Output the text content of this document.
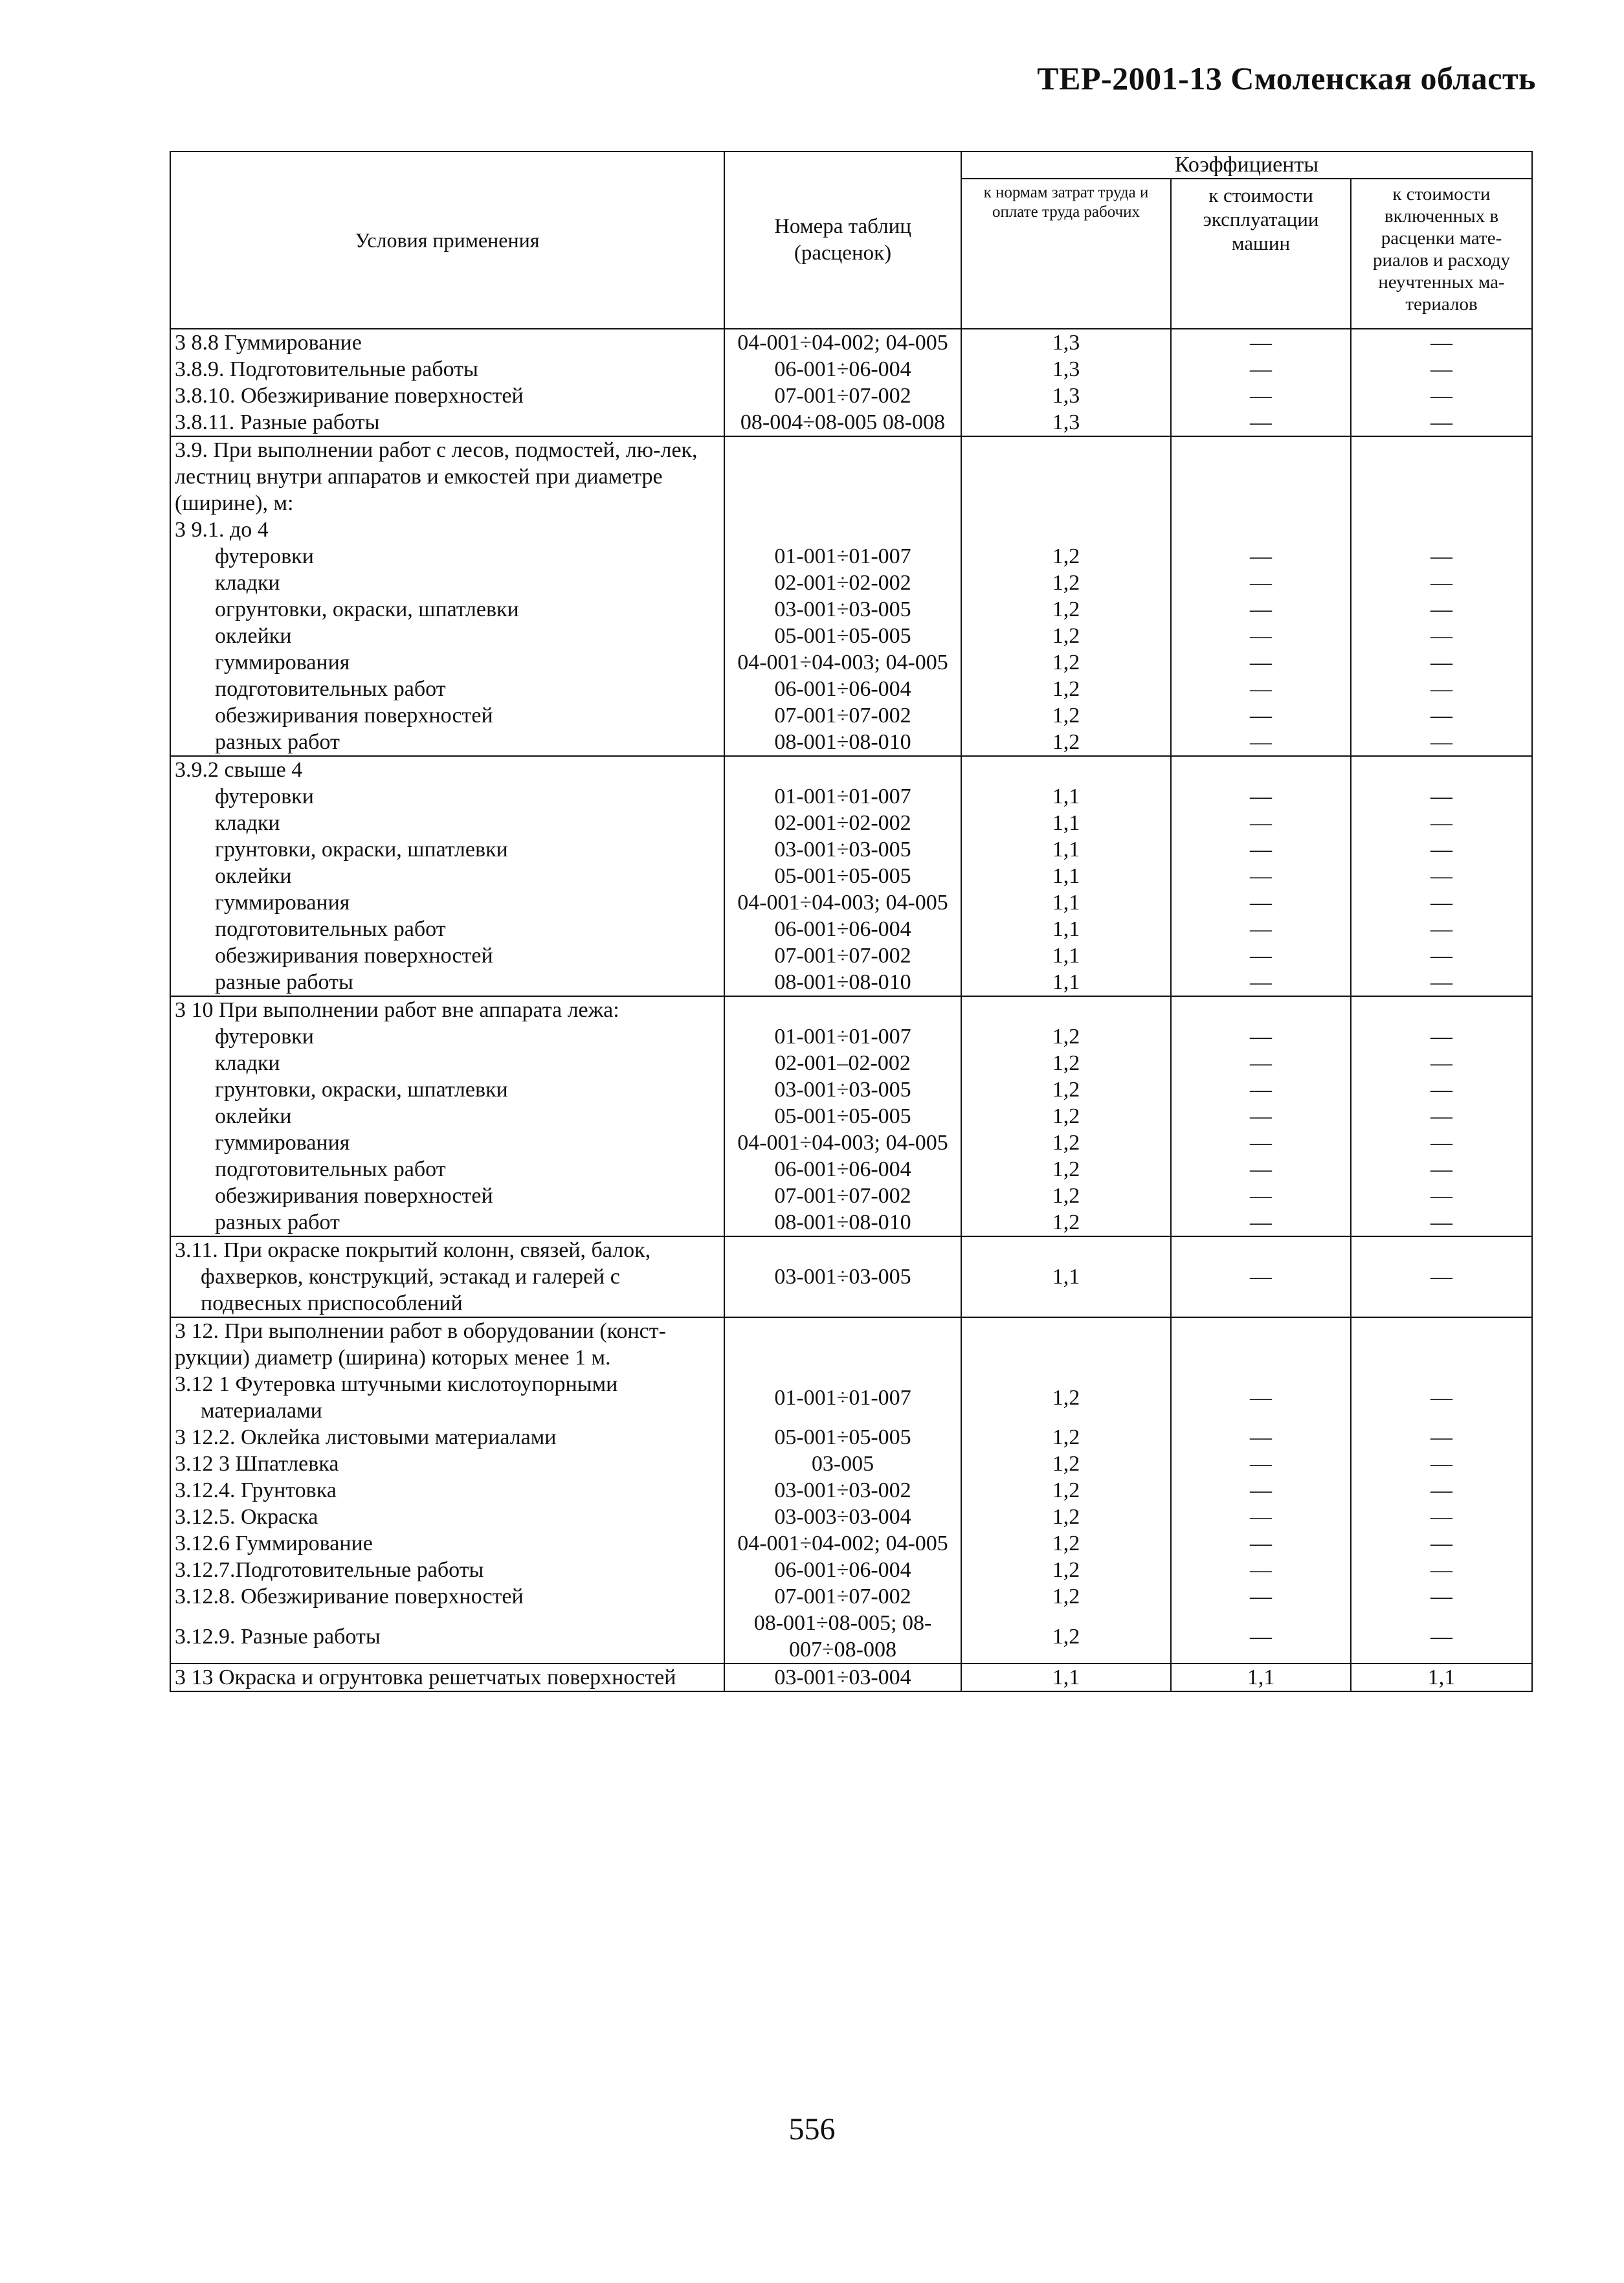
ТЕР-2001-13 Смоленская область
Условия применения	Номера таблиц (расценок)	Коэффициенты		
		к нормам затрат труда и оплате труда рабочих	к стоимости эксплуатации машин	к стоимости включенных в расценки мате-риалов и расходу неучтенных ма-териалов
3 8.8 Гуммирование	04-001÷04-002; 04-005	1,3	—	—
3.8.9. Подготовительные работы	06-001÷06-004	1,3	—	—
3.8.10. Обезжиривание поверхностей	07-001÷07-002	1,3	—	—
3.8.11. Разные работы	08-004÷08-005 08-008	1,3	—	—
3.9. При выполнении работ с лесов, подмостей, лю-лек, лестниц внутри аппаратов и емкостей при диаметре (ширине), м:				
3 9.1. до 4				
футеровки	01-001÷01-007	1,2	—	—
кладки	02-001÷02-002	1,2	—	—
огрунтовки, окраски, шпатлевки	03-001÷03-005	1,2	—	—
оклейки	05-001÷05-005	1,2	—	—
гуммирования	04-001÷04-003; 04-005	1,2	—	—
подготовительных работ	06-001÷06-004	1,2	—	—
обезжиривания поверхностей	07-001÷07-002	1,2	—	—
разных работ	08-001÷08-010	1,2	—	—
3.9.2 свыше 4				
футеровки	01-001÷01-007	1,1	—	—
кладки	02-001÷02-002	1,1	—	—
грунтовки, окраски, шпатлевки	03-001÷03-005	1,1	—	—
оклейки	05-001÷05-005	1,1	—	—
гуммирования	04-001÷04-003; 04-005	1,1	—	—
подготовительных работ	06-001÷06-004	1,1	—	—
обезжиривания поверхностей	07-001÷07-002	1,1	—	—
разные работы	08-001÷08-010	1,1	—	—
3 10 При выполнении работ вне аппарата лежа:				
футеровки	01-001÷01-007	1,2	—	—
кладки	02-001–02-002	1,2	—	—
грунтовки, окраски, шпатлевки	03-001÷03-005	1,2	—	—
оклейки	05-001÷05-005	1,2	—	—
гуммирования	04-001÷04-003; 04-005	1,2	—	—
подготовительных работ	06-001÷06-004	1,2	—	—
обезжиривания поверхностей	07-001÷07-002	1,2	—	—
разных работ	08-001÷08-010	1,2	—	—
3.11. При окраске покрытий колонн, связей, балок, фахверков, конструкций, эстакад и галерей с подвесных приспособлений	03-001÷03-005	1,1	—	—
3 12. При выполнении работ в оборудовании (конст-рукции) диаметр (ширина) которых менее 1 м.				
3.12 1 Футеровка штучными кислотоупорными материалами	01-001÷01-007	1,2	—	—
3 12.2. Оклейка листовыми материалами	05-001÷05-005	1,2	—	—
3.12 3 Шпатлевка	03-005	1,2	—	—
3.12.4. Грунтовка	03-001÷03-002	1,2	—	—
3.12.5. Окраска	03-003÷03-004	1,2	—	—
3.12.6 Гуммирование	04-001÷04-002; 04-005	1,2	—	—
3.12.7.Подготовительные работы	06-001÷06-004	1,2	—	—
3.12.8. Обезжиривание поверхностей	07-001÷07-002	1,2	—	—
3.12.9. Разные работы	08-001÷08-005; 08-007÷08-008	1,2	—	—
3 13 Окраска и огрунтовка решетчатых поверхностей	03-001÷03-004	1,1	1,1	1,1
556
